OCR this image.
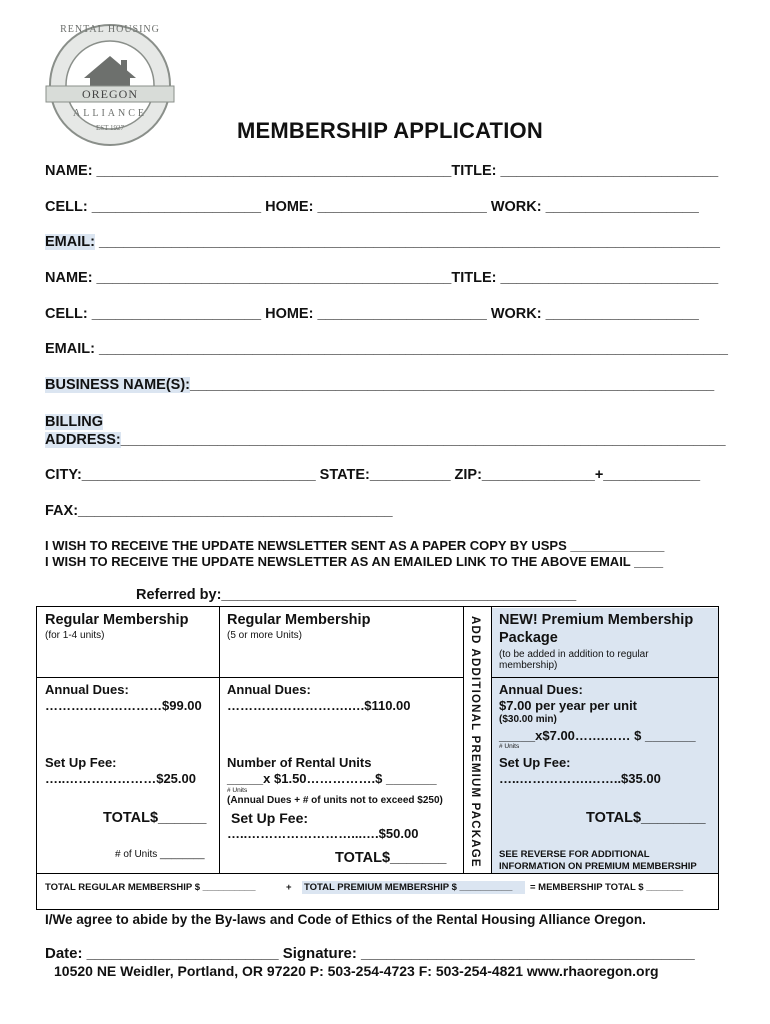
RENTAL HOUSING
OREGON
ALLIANCE
EST 1927	MEMBERSHIP APPLICATION
NAME: ____________________________________________TITLE: ___________________________
CELL: _____________________ HOME: _____________________ WORK: ___________________
EMAIL: _____________________________________________________________________________
NAME: ____________________________________________TITLE: ___________________________
CELL: _____________________ HOME: _____________________ WORK: ___________________
EMAIL: ______________________________________________________________________________
BUSINESS NAME(S):_________________________________________________________________
BILLING
ADDRESS:___________________________________________________________________________
CITY:_____________________________ STATE:__________ ZIP:______________+____________
FAX:_______________________________________
I WISH TO RECEIVE THE UPDATE NEWSLETTER SENT AS A PAPER COPY BY USPS _____________
I WISH TO RECEIVE THE UPDATE NEWSLETTER AS AN EMAILED LINK TO THE ABOVE EMAIL ____
Referred by:____________________________________________
Regular Membership
(for 1-4 units)
Annual Dues:
………………………$99.00
Set Up Fee:
…..…………………$25.00
TOTAL$______
# of Units ________
Regular Membership
(5 or more Units)
Annual Dues:
……………………….….$110.00
Number of Rental Units
_____x $1.50…………….$ _______
# Units
(Annual Dues + # of units not to exceed $250)
Set Up Fee:
…..……………………...….$50.00
TOTAL$_______ ADD ADDITIONAL PREMIUM PACKAGE NEW! Premium Membership
Package
(to be added in addition to regular
membership)
Annual Dues:
$7.00 per year per unit
($30.00 min)
_____x$7.00…….…… $ _______
# Units
Set Up Fee:
…..…………….……..$35.00
TOTAL$________
SEE REVERSE FOR ADDITIONAL
INFORMATION ON PREMIUM MEMBERSHIP
TOTAL REGULAR MEMBERSHIP $ __________	+ TOTAL PREMIUM MEMBERSHIP $ __________ = MEMBERSHIP TOTAL $ _______
I/We agree to abide by the By-laws and Code of Ethics of the Rental Housing Alliance Oregon.
Date: _______________________ Signature: ________________________________________
10520 NE Weidler, Portland, OR 97220 P: 503-254-4723 F: 503-254-4821 www.rhaoregon.org
